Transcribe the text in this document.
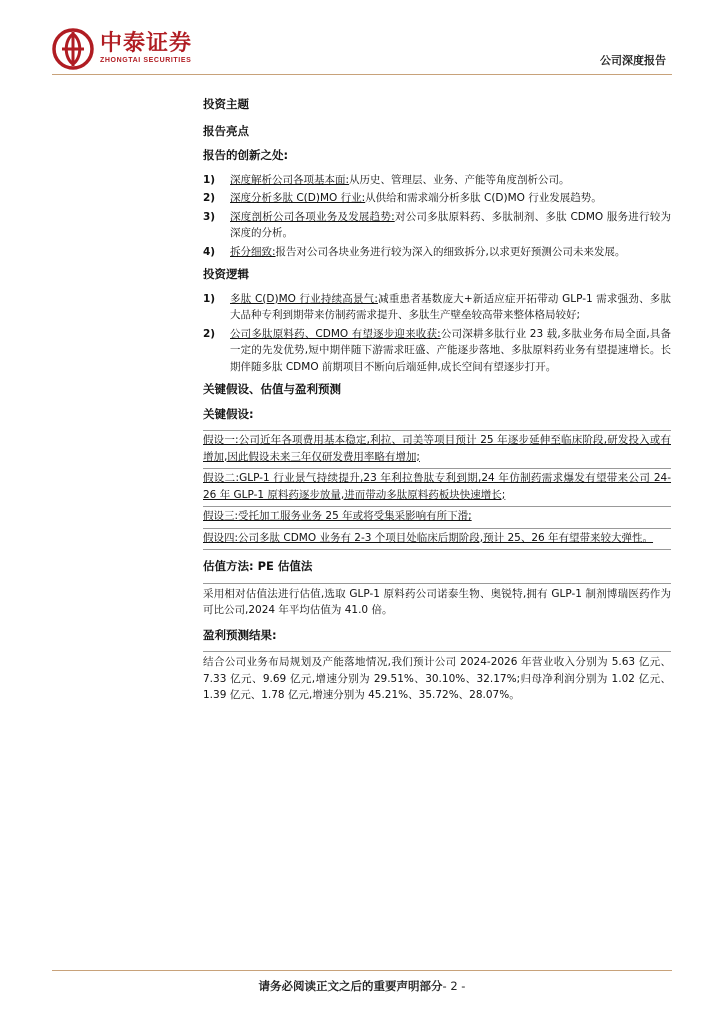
中泰证券
ZHONGTAI SECURITIES	公司深度报告
投资主题
报告亮点
报告的创新之处:
1)	深度解析公司各项基本面:从历史、管理层、业务、产能等角度剖析公司。
2)	深度分析多肽 C(D)MO 行业:从供给和需求端分析多肽 C(D)MO 行业发展趋势。
3)	深度剖析公司各项业务及发展趋势:对公司多肽原料药、多肽制剂、多肽 CDMO 服务进行较为深度的分析。
4)	拆分细致:报告对公司各块业务进行较为深入的细致拆分,以求更好预测公司未来发展。
投资逻辑
1)	多肽 C(D)MO 行业持续高景气:减重患者基数庞大+新适应症开拓带动 GLP-1 需求强劲、多肽大品种专利到期带来仿制药需求提升、多肽生产壁垒较高带来整体格局较好;
2)	公司多肽原料药、CDMO 有望逐步迎来收获:公司深耕多肽行业 23 载,多肽业务布局全面,具备一定的先发优势,短中期伴随下游需求旺盛、产能逐步落地、多肽原料药业务有望提速增长。长期伴随多肽 CDMO 前期项目不断向后端延伸,成长空间有望逐步打开。
关键假设、估值与盈利预测
关键假设:
假设一:公司近年各项费用基本稳定,利拉、司美等项目预计 25 年逐步延伸至临床阶段,研发投入或有增加,因此假设未来三年仅研发费用率略有增加;
假设二:GLP-1 行业景气持续提升,23 年利拉鲁肽专利到期,24 年仿制药需求爆发有望带来公司 24-26 年 GLP-1 原料药逐步放量,进而带动多肽原料药板块快速增长;
假设三:受托加工服务业务 25 年或将受集采影响有所下滑;
假设四:公司多肽 CDMO 业务有 2-3 个项目处临床后期阶段,预计 25、26 年有望带来较大弹性。
估值方法: PE 估值法
采用相对估值法进行估值,选取 GLP-1 原料药公司诺泰生物、奥锐特,拥有 GLP-1 制剂博瑞医药作为可比公司,2024 年平均估值为 41.0 倍。
盈利预测结果:
结合公司业务布局规划及产能落地情况,我们预计公司 2024-2026 年营业收入分别为 5.63 亿元、7.33 亿元、9.69 亿元,增速分别为 29.51%、30.10%、32.17%;归母净利润分别为 1.02 亿元、1.39 亿元、1.78 亿元,增速分别为 45.21%、35.72%、28.07%。
请务必阅读正文之后的重要声明部分- 2 -
